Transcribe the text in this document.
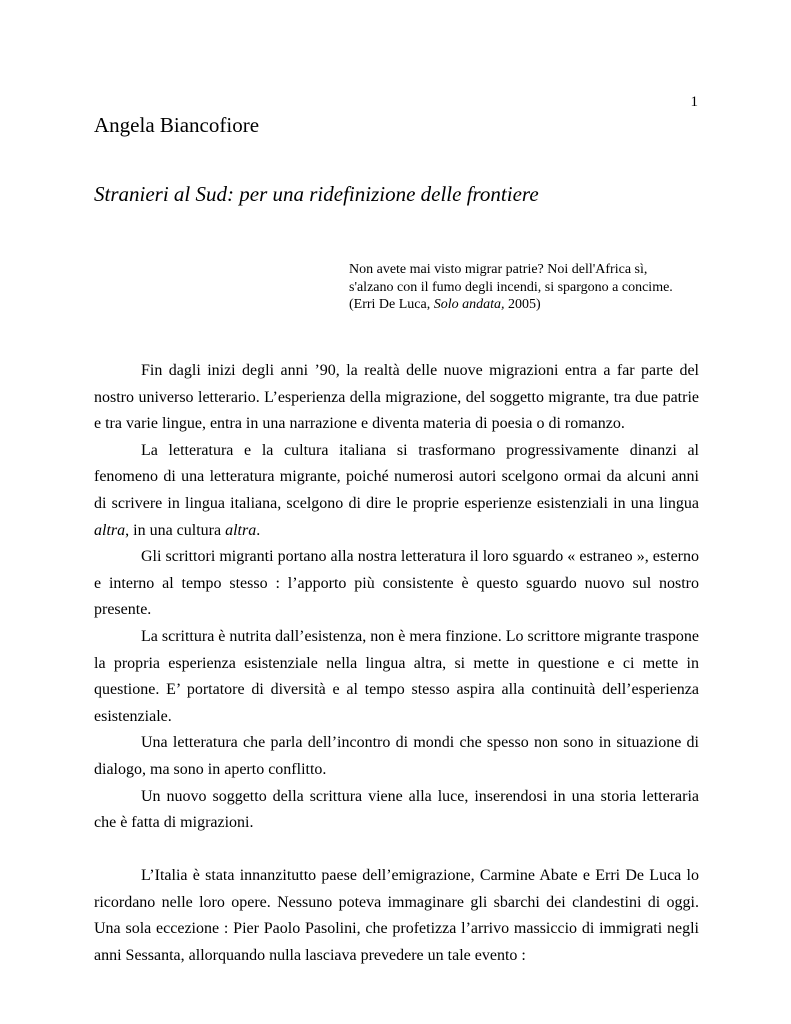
1
Angela Biancofiore
Stranieri al Sud: per una ridefinizione delle frontiere
Non avete mai visto migrar patrie? Noi dell'Africa sì,
s'alzano con il fumo degli incendi, si spargono a concime.
(Erri De Luca, Solo andata, 2005)

Fin dagli inizi degli anni ’90, la realtà delle nuove migrazioni entra a far parte del nostro universo letterario. L’esperienza della migrazione, del soggetto migrante, tra due patrie e tra varie lingue, entra in una narrazione e diventa materia di poesia o di romanzo.

La letteratura e la cultura italiana si trasformano progressivamente dinanzi al fenomeno di una letteratura migrante, poiché numerosi autori scelgono ormai da alcuni anni di scrivere in lingua italiana, scelgono di dire le proprie esperienze esistenziali in una lingua altra, in una cultura altra.

Gli scrittori migranti portano alla nostra letteratura il loro sguardo « estraneo », esterno e interno al tempo stesso : l’apporto più consistente è questo sguardo nuovo sul nostro presente.

La scrittura è nutrita dall’esistenza, non è mera finzione. Lo scrittore migrante traspone la propria esperienza esistenziale nella lingua altra, si mette in questione e ci mette in questione. E’ portatore di diversità e al tempo stesso aspira alla continuità dell’esperienza esistenziale.

Una letteratura che parla dell’incontro di mondi che spesso non sono in situazione di dialogo, ma sono in aperto conflitto.

Un nuovo soggetto della scrittura viene alla luce, inserendosi in una storia letteraria che è fatta di migrazioni.

L’Italia è stata innanzitutto paese dell’emigrazione, Carmine Abate e Erri De Luca lo ricordano nelle loro opere. Nessuno poteva immaginare gli sbarchi dei clandestini di oggi. Una sola eccezione : Pier Paolo Pasolini, che profetizza l’arrivo massiccio di immigrati negli anni Sessanta, allorquando nulla lasciava prevedere un tale evento :
